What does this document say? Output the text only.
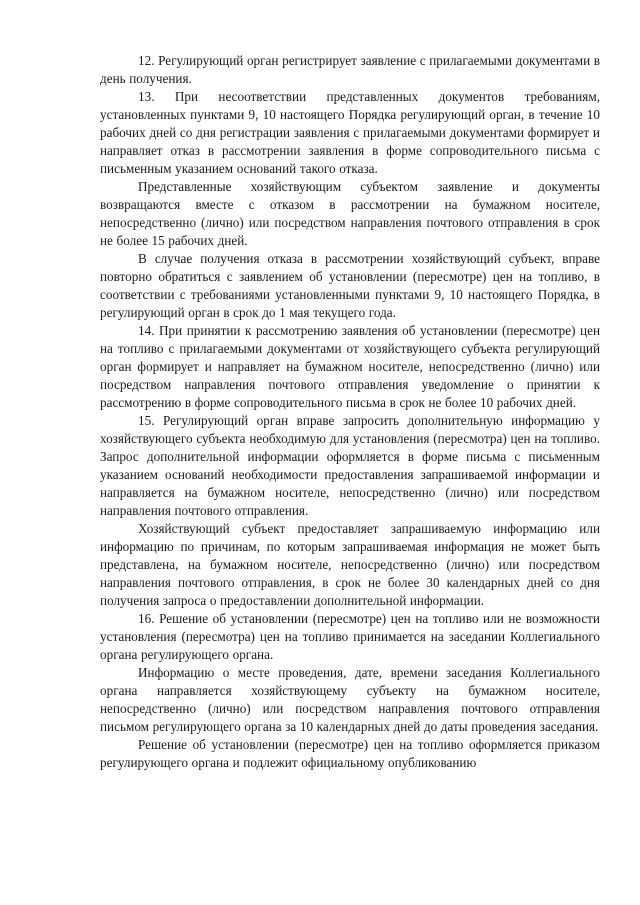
12. Регулирующий орган регистрирует заявление с прилагаемыми документами в день получения.

13. При несоответствии представленных документов требованиям, установленных пунктами 9, 10 настоящего Порядка регулирующий орган, в течение 10 рабочих дней со дня регистрации заявления с прилагаемыми документами формирует и направляет отказ в рассмотрении заявления в форме сопроводительного письма с письменным указанием оснований такого отказа.

Представленные хозяйствующим субъектом заявление и документы возвращаются вместе с отказом в рассмотрении на бумажном носителе, непосредственно (лично) или посредством направления почтового отправления в срок не более 15 рабочих дней.

В случае получения отказа в рассмотрении хозяйствующий субъект, вправе повторно обратиться с заявлением об установлении (пересмотре) цен на топливо, в соответствии с требованиями установленными пунктами 9, 10 настоящего Порядка, в регулирующий орган в срок до 1 мая текущего года.

14. При принятии к рассмотрению заявления об установлении (пересмотре) цен на топливо с прилагаемыми документами от хозяйствующего субъекта регулирующий орган формирует и направляет на бумажном носителе, непосредственно (лично) или посредством направления почтового отправления уведомление о принятии к рассмотрению в форме сопроводительного письма в срок не более 10 рабочих дней.

15. Регулирующий орган вправе запросить дополнительную информацию у хозяйствующего субъекта необходимую для установления (пересмотра) цен на топливо. Запрос дополнительной информации оформляется в форме письма с письменным указанием оснований необходимости предоставления запрашиваемой информации и направляется на бумажном носителе, непосредственно (лично) или посредством направления почтового отправления.

Хозяйствующий субъект предоставляет запрашиваемую информацию или информацию по причинам, по которым запрашиваемая информация не может быть представлена, на бумажном носителе, непосредственно (лично) или посредством направления почтового отправления, в срок не более 30 календарных дней со дня получения запроса о предоставлении дополнительной информации.

16. Решение об установлении (пересмотре) цен на топливо или не возможности установления (пересмотра) цен на топливо принимается на заседании Коллегиального органа регулирующего органа.

Информацию о месте проведения, дате, времени заседания Коллегиального органа направляется хозяйствующему субъекту на бумажном носителе, непосредственно (лично) или посредством направления почтового отправления письмом регулирующего органа за 10 календарных дней до даты проведения заседания.

Решение об установлении (пересмотре) цен на топливо оформляется приказом регулирующего органа и подлежит официальному опубликованию
